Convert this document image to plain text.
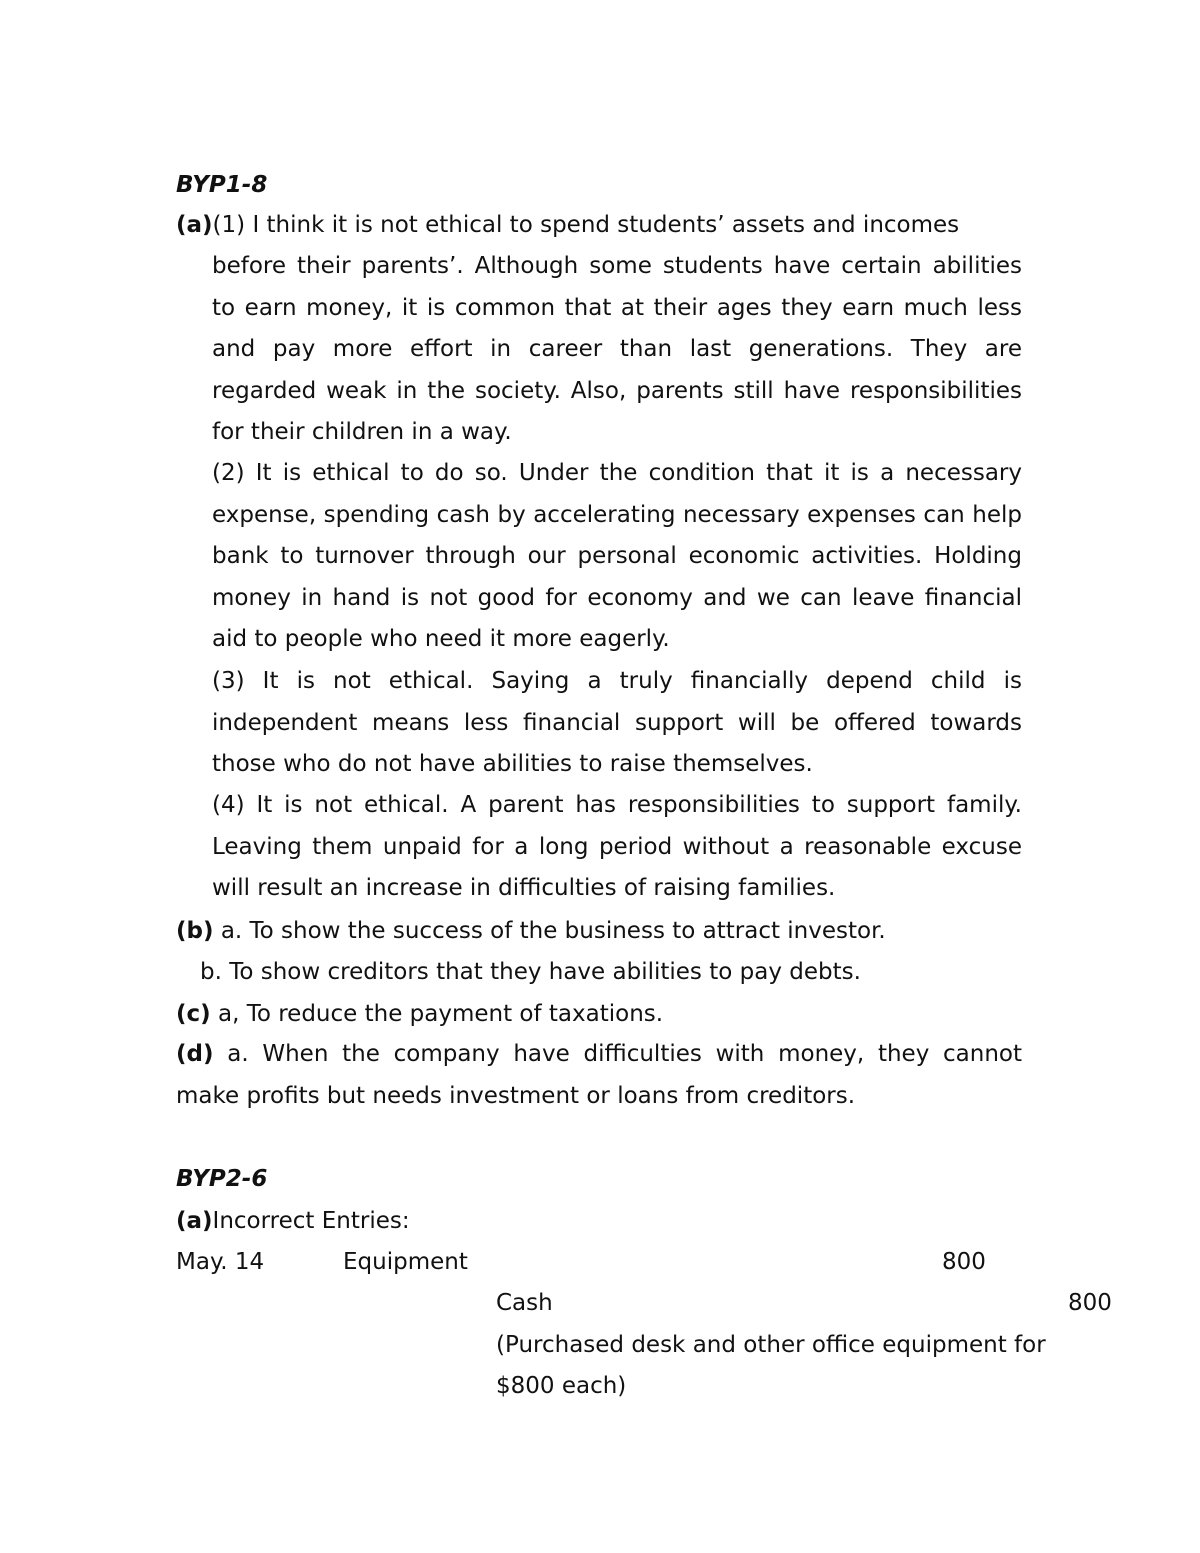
BYP1-8

(a)(1) I think it is not ethical to spend students’ assets and incomes

before their parents’. Although some students have certain abilities to earn money, it is common that at their ages they earn much less and pay more effort in career than last generations. They are regarded weak in the society. Also, parents still have responsibilities for their children in a way.

(2) It is ethical to do so. Under the condition that it is a necessary expense, spending cash by accelerating necessary expenses can help bank to turnover through our personal economic activities. Holding money in hand is not good for economy and we can leave financial aid to people who need it more eagerly.

(3) It is not ethical. Saying a truly financially depend child is independent means less financial support will be offered towards those who do not have abilities to raise themselves.

(4) It is not ethical. A parent has responsibilities to support family. Leaving them unpaid for a long period without a reasonable excuse will result an increase in difficulties of raising families.

(b) a. To show the success of the business to attract investor.

b. To show creditors that they have abilities to pay debts.

(c) a, To reduce the payment of taxations.

(d) a. When the company have difficulties with money, they cannot make profits but needs investment or loans from creditors.

BYP2-6

(a)Incorrect Entries:

May. 14	Equipment	800

Cash	800

(Purchased desk and other office equipment for

$800 each)
